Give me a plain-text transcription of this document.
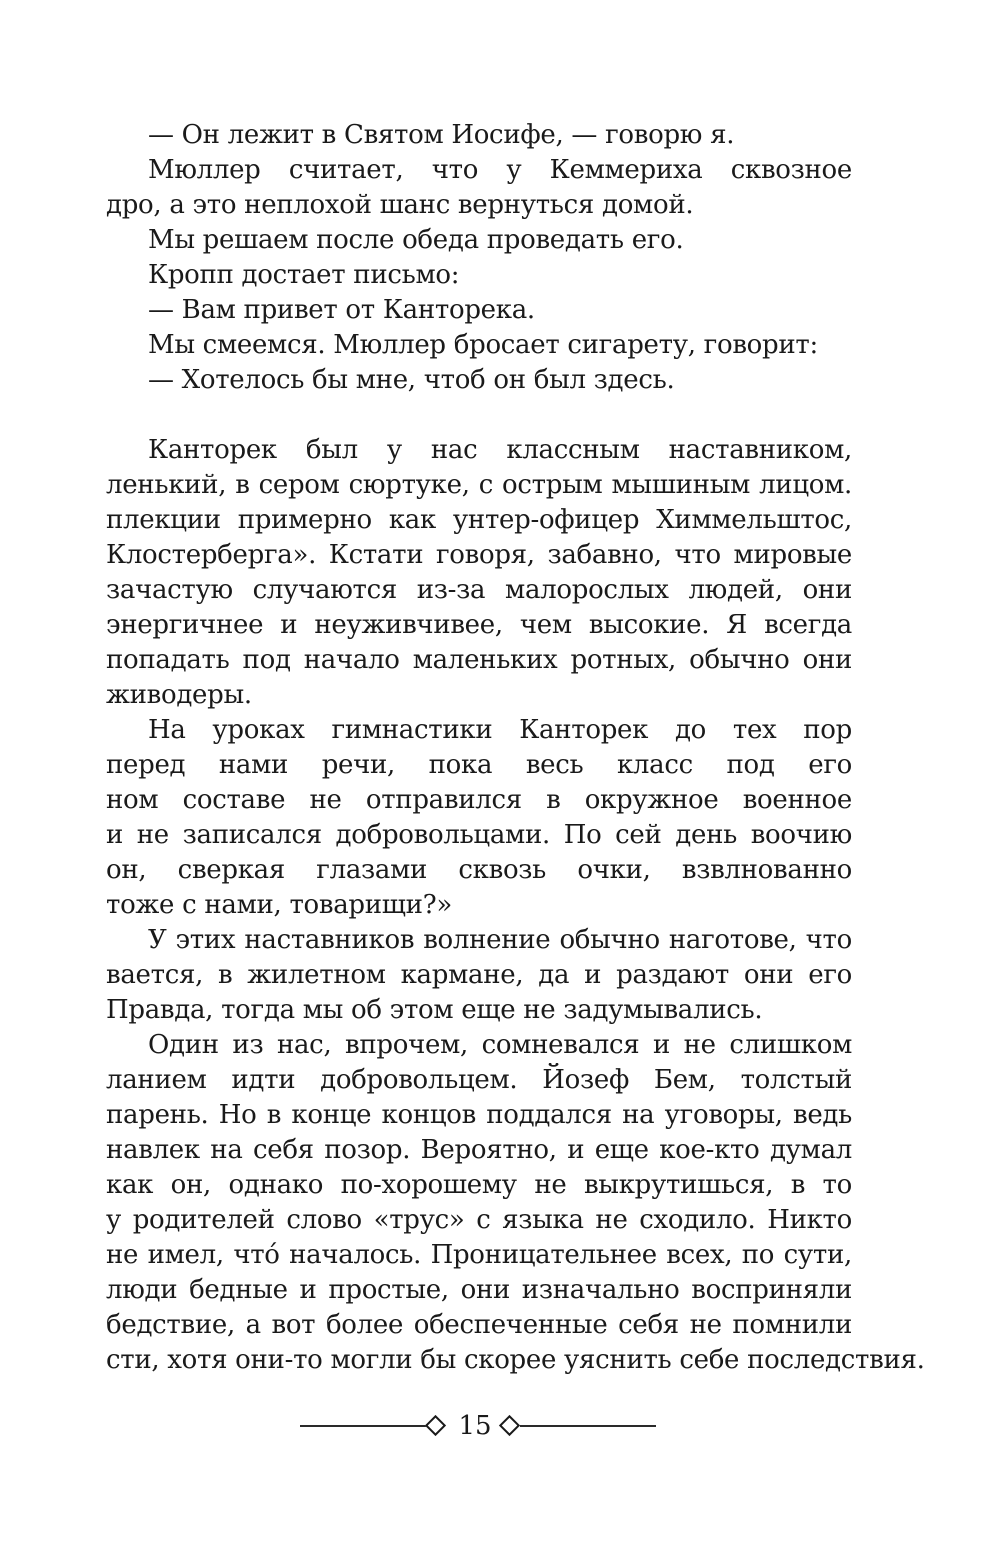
— Он лежит в Святом Иосифе, — говорю я.
Мюллер считает, что у Кеммериха сквозное
дро, а это неплохой шанс вернуться домой.
Мы решаем после обеда проведать его.
Кропп достает письмо:
— Вам привет от Канторека.
Мы смеемся. Мюллер бросает сигарету, говорит:
— Хотелось бы мне, чтоб он был здесь.
Канторек был у нас классным наставником,
ленький, в сером сюртуке, с острым мышиным лицом.
плекции примерно как унтер-офицер Химмельштос,
Клостерберга». Кстати говоря, забавно, что мировые
зачастую случаются из-за малорослых людей, они
энергичнее и неуживчивее, чем высокие. Я всегда
попадать под начало маленьких ротных, обычно они
живодеры.
На уроках гимнастики Канторек до тех пор
перед нами речи, пока весь класс под его
ном составе не отправился в окружное военное
и не записался добровольцами. По сей день воочию
он, сверкая глазами сквозь очки, взвлнованно
тоже с нами, товарищи?»
У этих наставников волнение обычно наготове, что
вается, в жилетном кармане, да и раздают они его
Правда, тогда мы об этом еще не задумывались.
Один из нас, впрочем, сомневался и не слишком
ланием идти добровольцем. Йозеф Бем, толстый
парень. Но в конце концов поддался на уговоры, ведь
навлек на себя позор. Вероятно, и еще кое-кто думал
как он, однако по-хорошему не выкрутишься, в то
у родителей слово «трус» с языка не сходило. Никто
не имел, чтó началось. Проницательнее всех, по сути,
люди бедные и простые, они изначально восприняли
бедствие, а вот более обеспеченные себя не помнили
сти, хотя они-то могли бы скорее уяснить себе последствия.
15
